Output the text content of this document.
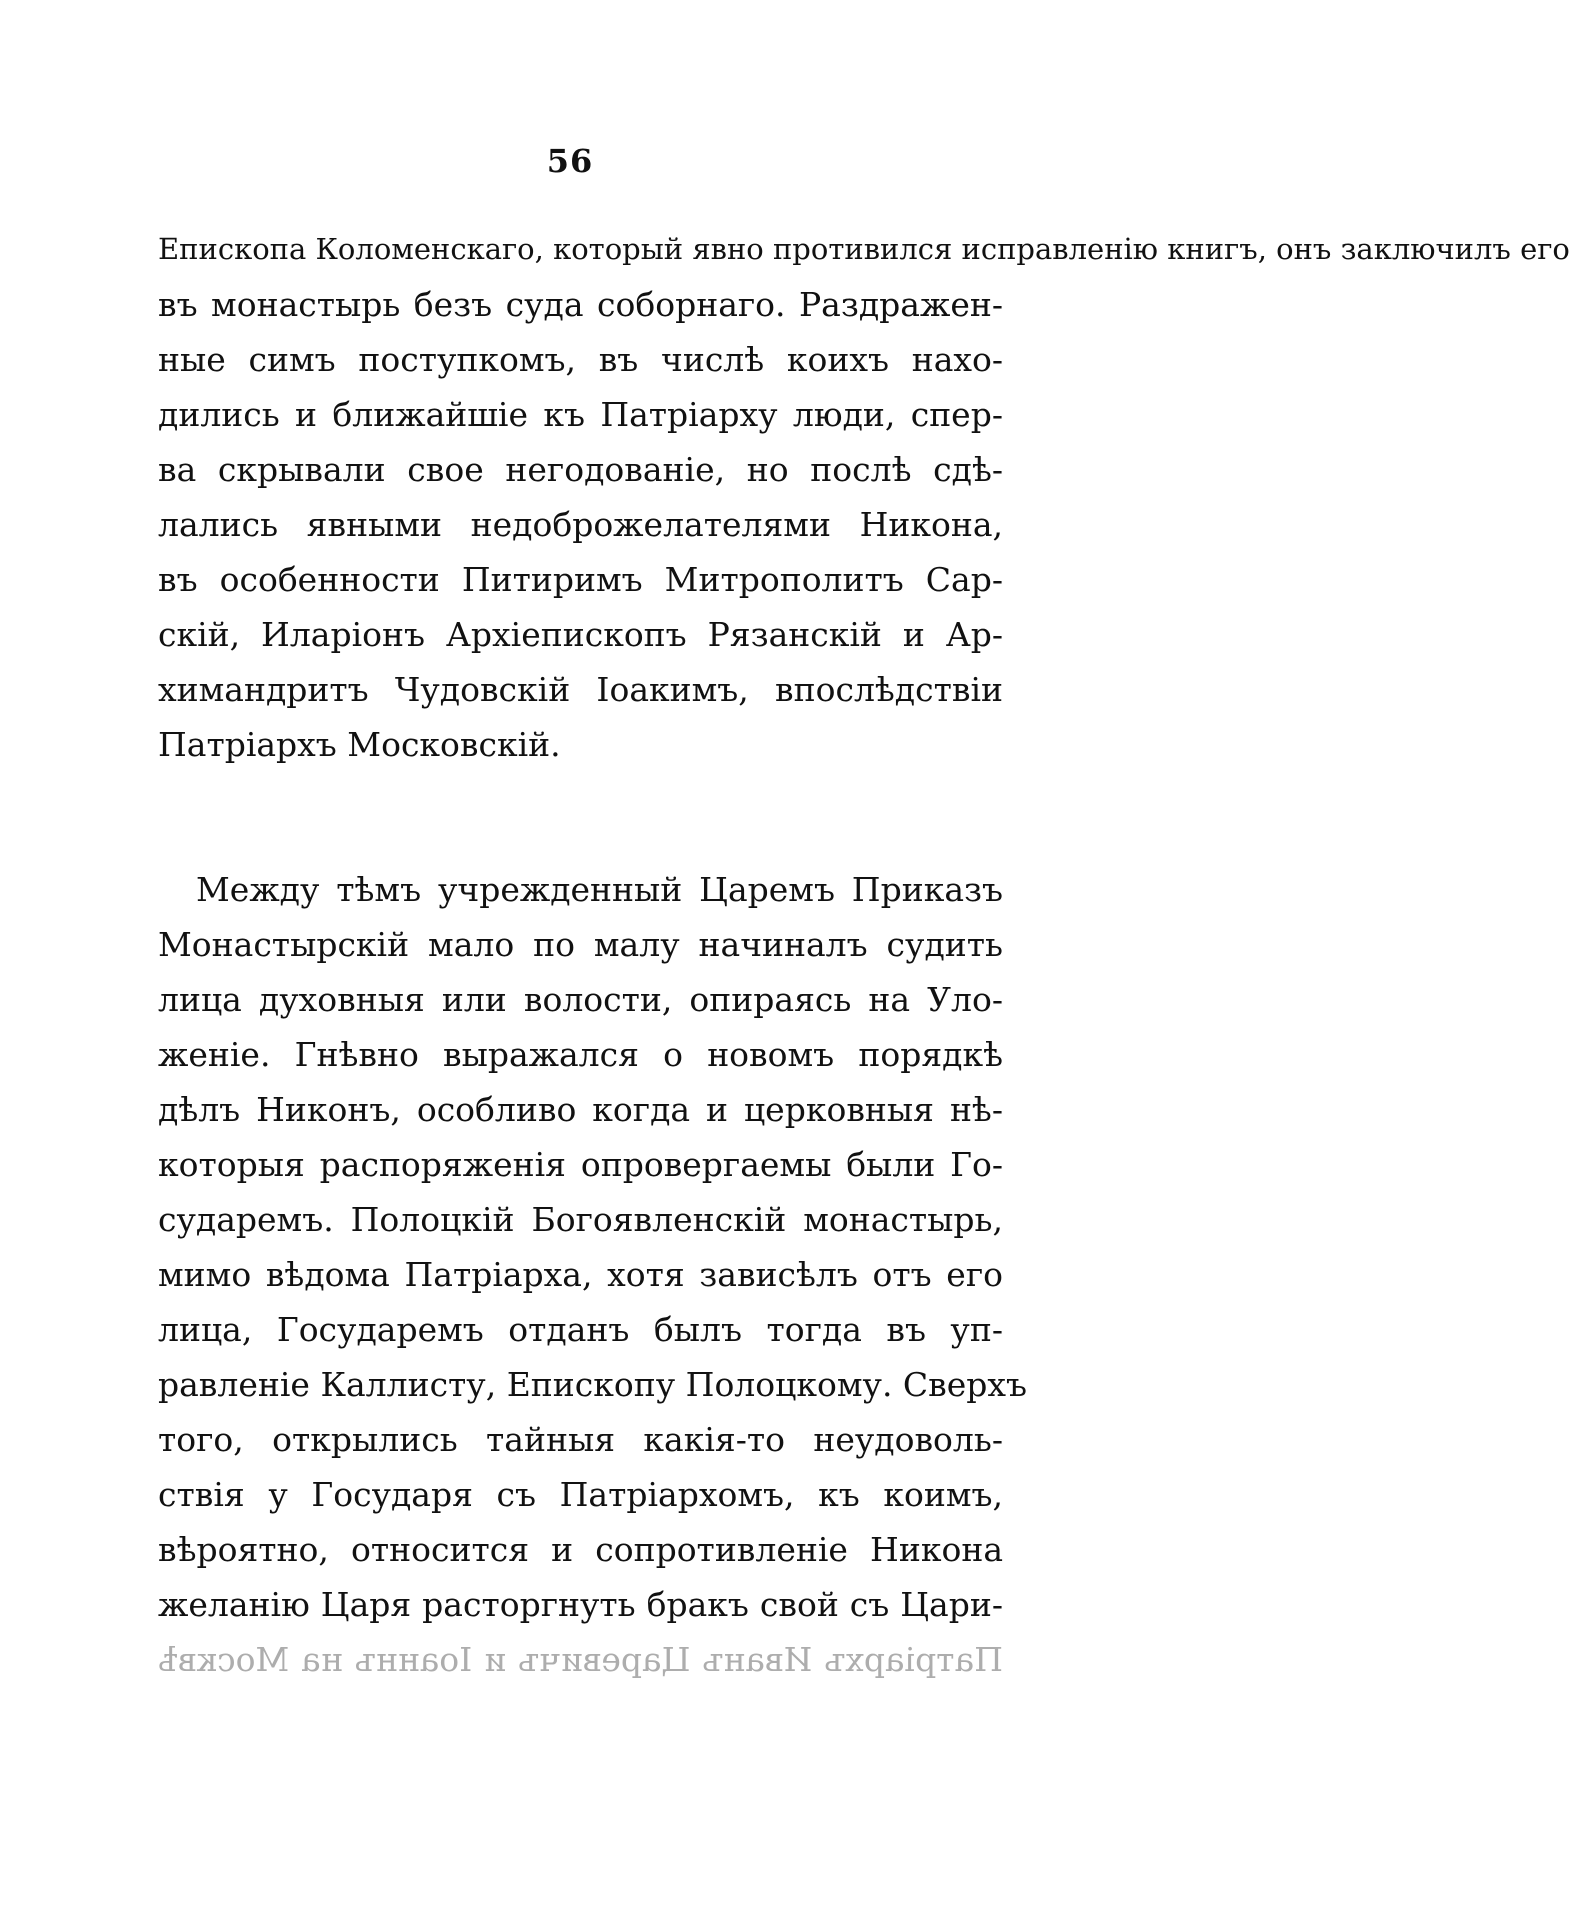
56
Епископа Коломенскаго, который явно противился исправленію книгъ, онъ заключилъ его
въ монастырь безъ суда соборнаго. Раздражен-
ные симъ поступкомъ, въ числѣ коихъ нахо-
дились и ближайшіе къ Патріарху люди, спер-
ва скрывали свое негодованіе, но послѣ сдѣ-
лались явными недоброжелателями Никона,
въ особенности Питиримъ Митрополитъ Сар-
скій, Иларіонъ Архіепископъ Рязанскій и Ар-
химандритъ Чудовскій Іоакимъ, впослѣдствіи
Патріархъ Московскій.
Между тѣмъ учрежденный Царемъ Приказъ
Монастырскій мало по малу начиналъ судить
лица духовныя или волости, опираясь на Уло-
женіе. Гнѣвно выражался о новомъ порядкѣ
дѣлъ Никонъ, особливо когда и церковныя нѣ-
которыя распоряженія опровергаемы были Го-
сударемъ. Полоцкій Богоявленскій монастырь,
мимо вѣдома Патріарха, хотя зависѣлъ отъ его
лица, Государемъ отданъ былъ тогда въ уп-
равленіе Каллисту, Епископу Полоцкому. Сверхъ
того, открылись тайныя какія-то неудоволь-
ствія у Государя съ Патріархомъ, къ коимъ,
вѣроятно, относится и сопротивленіе Никона
желанію Царя расторгнуть бракъ свой съ Цари-
Патріархъ Иванъ Царевичъ и Іоаннъ на Москвѣ
